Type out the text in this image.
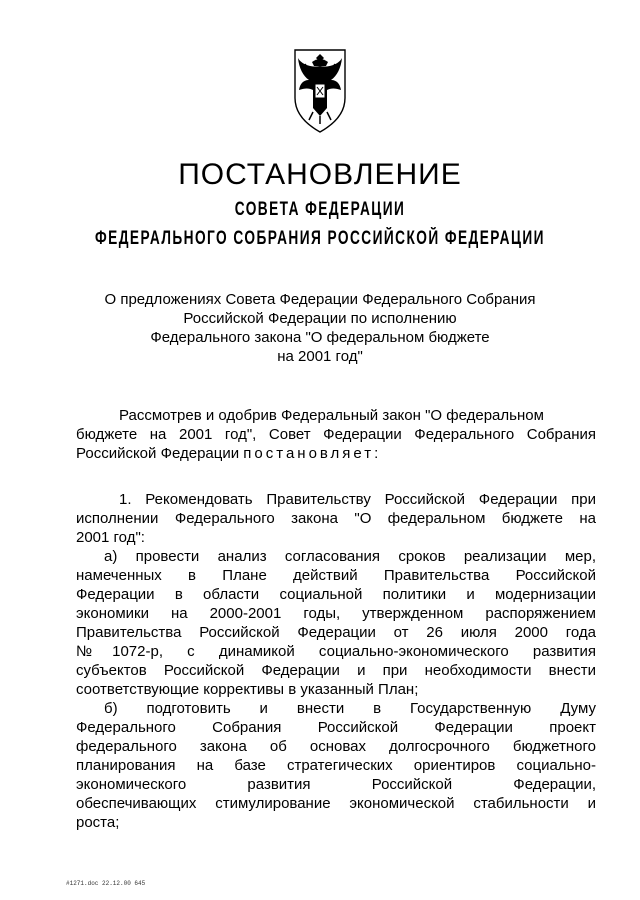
ПОСТАНОВЛЕНИЕ
СОВЕТА ФЕДЕРАЦИИ
ФЕДЕРАЛЬНОГО СОБРАНИЯ РОССИЙСКОЙ ФЕДЕРАЦИИ
О предложениях Совета Федерации Федерального Собрания
Российской Федерации по исполнению
Федерального закона "О федеральном бюджете
на 2001 год"
Рассмотрев и одобрив Федеральный закон "О федеральном
бюджете на 2001 год", Совет Федерации Федерального Собрания
Российской Федерации постановляет:
1. Рекомендовать Правительству Российской Федерации при
исполнении Федерального закона "О федеральном бюджете на
2001 год":
а) провести анализ согласования сроков реализации мер,
намеченных в Плане действий Правительства Российской
Федерации в области социальной политики и модернизации
экономики на 2000-2001 годы, утвержденном распоряжением
Правительства Российской Федерации от 26 июля 2000 года
№1072-р, с динамикой социально-экономического развития
субъектов Российской Федерации и при необходимости внести
соответствующие коррективы в указанный План;
б) подготовить и внести в Государственную Думу
Федерального Собрания Российской Федерации проект
федерального закона об основах долгосрочного бюджетного
планирования на базе стратегических ориентиров социально-
экономического развития Российской Федерации,
обеспечивающих стимулирование экономической стабильности и
роста;
#1271.doc 22.12.00 645
